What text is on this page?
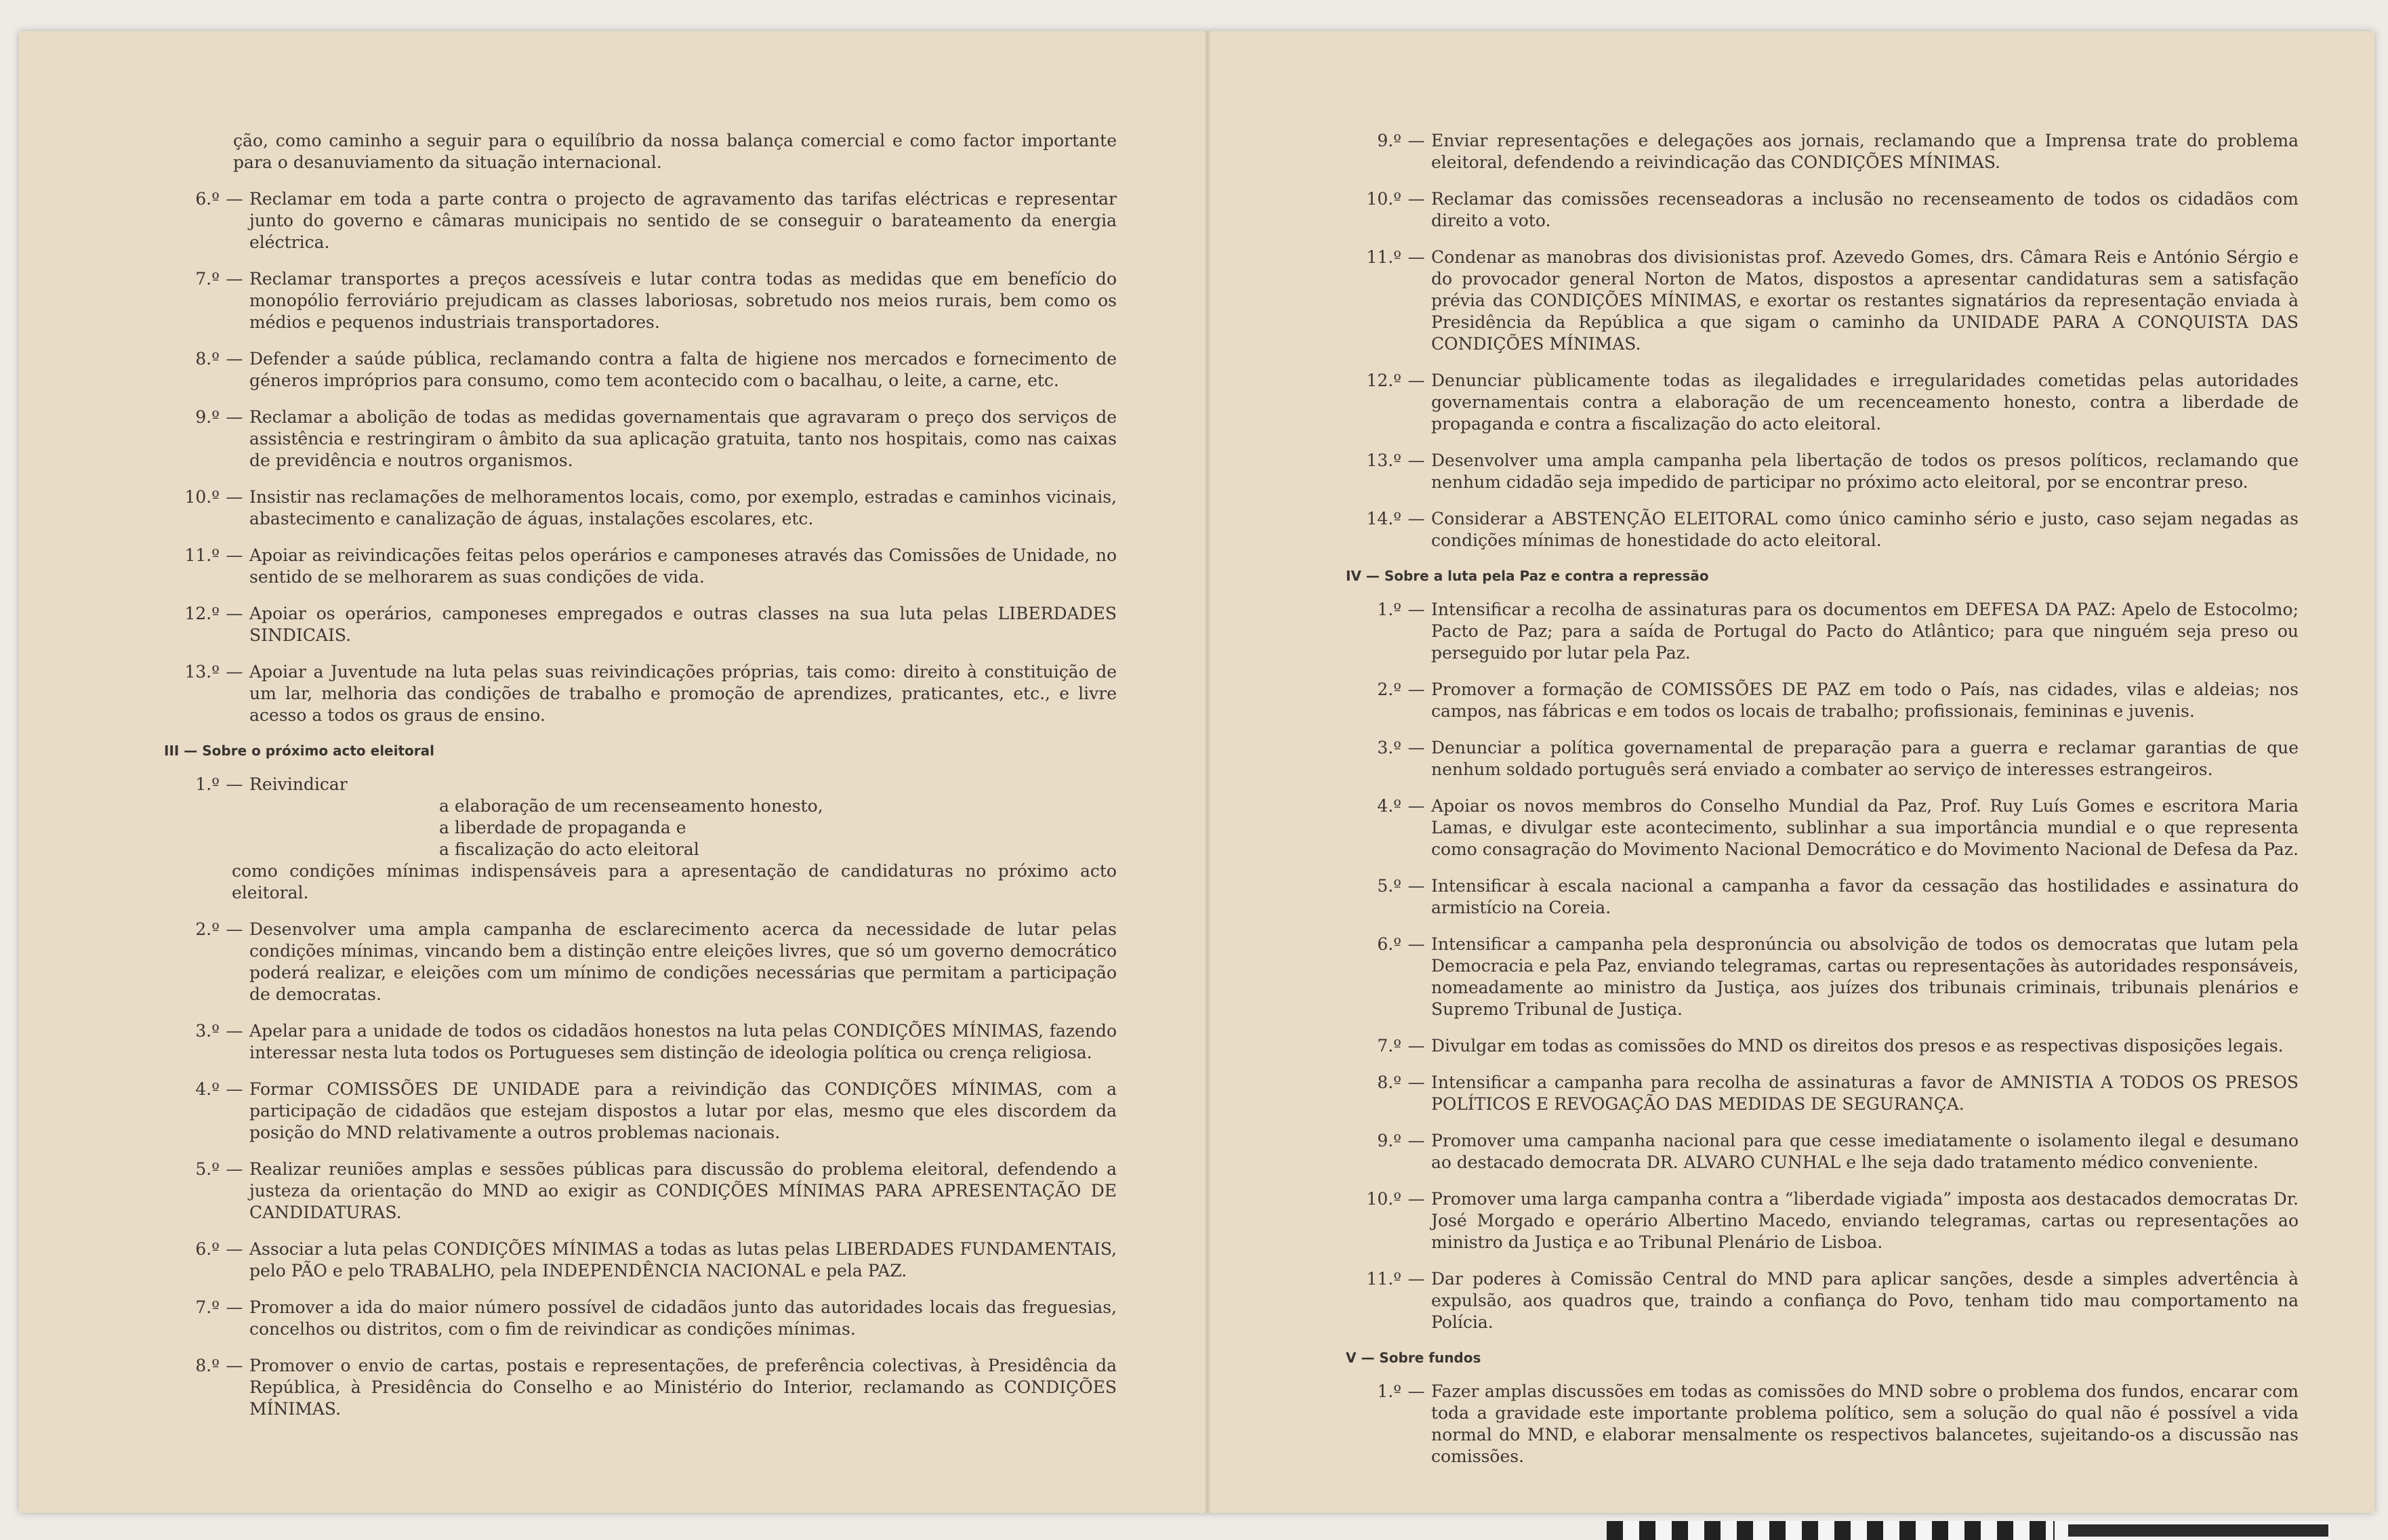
ção, como caminho a seguir para o equilíbrio da nossa balança comercial e como factor importante para o desanuviamento da situação internacional.
6.º — Reclamar em toda a parte contra o projecto de agravamento das tarifas eléctricas e representar junto do governo e câmaras municipais no sentido de se conseguir o barateamento da energia eléctrica.
7.º — Reclamar transportes a preços acessíveis e lutar contra todas as medidas que em benefício do monopólio ferroviário prejudicam as classes laboriosas, sobretudo nos meios rurais, bem como os médios e pequenos industriais transportadores.
8.º — Defender a saúde pública, reclamando contra a falta de higiene nos mercados e fornecimento de géneros impróprios para consumo, como tem acontecido com o bacalhau, o leite, a carne, etc.
9.º — Reclamar a abolição de todas as medidas governamentais que agravaram o preço dos serviços de assistência e restringiram o âmbito da sua aplicação gratuita, tanto nos hospitais, como nas caixas de previdência e noutros organismos.
10.º — Insistir nas reclamações de melhoramentos locais, como, por exemplo, estradas e caminhos vicinais, abastecimento e canalização de águas, instalações escolares, etc.
11.º — Apoiar as reivindicações feitas pelos operários e camponeses através das Comissões de Unidade, no sentido de se melhorarem as suas condições de vida.
12.º — Apoiar os operários, camponeses empregados e outras classes na sua luta pelas LIBERDADES SINDICAIS.
13.º — Apoiar a Juventude na luta pelas suas reivindicações próprias, tais como: direito à constituição de um lar, melhoria das condições de trabalho e promoção de aprendizes, praticantes, etc., e livre acesso a todos os graus de ensino.
III — Sobre o próximo acto eleitoral
1.º — Reivindicar
a elaboração de um recenseamento honesto,
a liberdade de propaganda e
a fiscalização do acto eleitoral
como condições mínimas indispensáveis para a apresentação de candidaturas no próximo acto eleitoral.
2.º — Desenvolver uma ampla campanha de esclarecimento acerca da necessidade de lutar pelas condições mínimas, vincando bem a distinção entre eleições livres, que só um governo democrático poderá realizar, e eleições com um mínimo de condições necessárias que permitam a participação de democratas.
3.º — Apelar para a unidade de todos os cidadãos honestos na luta pelas CONDIÇÕES MÍNIMAS, fazendo interessar nesta luta todos os Portugueses sem distinção de ideologia política ou crença religiosa.
4.º — Formar COMISSÕES DE UNIDADE para a reivindição das CONDIÇÕES MÍNIMAS, com a participação de cidadãos que estejam dispostos a lutar por elas, mesmo que eles discordem da posição do MND relativamente a outros problemas nacionais.
5.º — Realizar reuniões amplas e sessões públicas para discussão do problema eleitoral, defendendo a justeza da orientação do MND ao exigir as CONDIÇÕES MÍNIMAS PARA APRESENTAÇÃO DE CANDIDATURAS.
6.º — Associar a luta pelas CONDIÇÕES MÍNIMAS a todas as lutas pelas LIBERDADES FUNDAMENTAIS, pelo PÃO e pelo TRABALHO, pela INDEPENDÊNCIA NACIONAL e pela PAZ.
7.º — Promover a ida do maior número possível de cidadãos junto das autoridades locais das freguesias, concelhos ou distritos, com o fim de reivindicar as condições mínimas.
8.º — Promover o envio de cartas, postais e representações, de preferência colectivas, à Presidência da República, à Presidência do Conselho e ao Ministério do Interior, reclamando as CONDIÇÕES MÍNIMAS.
9.º — Enviar representações e delegações aos jornais, reclamando que a Imprensa trate do problema eleitoral, defendendo a reivindicação das CONDIÇÕES MÍNIMAS.
10.º — Reclamar das comissões recenseadoras a inclusão no recenseamento de todos os cidadãos com direito a voto.
11.º — Condenar as manobras dos divisionistas prof. Azevedo Gomes, drs. Câmara Reis e António Sérgio e do provocador general Norton de Matos, dispostos a apresentar candidaturas sem a satisfação prévia das CONDIÇÕES MÍNIMAS, e exortar os restantes signatários da representação enviada à Presidência da República a que sigam o caminho da UNIDADE PARA A CONQUISTA DAS CONDIÇÕES MÍNIMAS.
12.º — Denunciar pùblicamente todas as ilegalidades e irregularidades cometidas pelas autoridades governamentais contra a elaboração de um recenceamento honesto, contra a liberdade de propaganda e contra a fiscalização do acto eleitoral.
13.º — Desenvolver uma ampla campanha pela libertação de todos os presos políticos, reclamando que nenhum cidadão seja impedido de participar no próximo acto eleitoral, por se encontrar preso.
14.º — Considerar a ABSTENÇÃO ELEITORAL como único caminho sério e justo, caso sejam negadas as condições mínimas de honestidade do acto eleitoral.
IV — Sobre a luta pela Paz e contra a repressão
1.º — Intensificar a recolha de assinaturas para os documentos em DEFESA DA PAZ: Apelo de Estocolmo; Pacto de Paz; para a saída de Portugal do Pacto do Atlântico; para que ninguém seja preso ou perseguido por lutar pela Paz.
2.º — Promover a formação de COMISSÕES DE PAZ em todo o País, nas cidades, vilas e aldeias; nos campos, nas fábricas e em todos os locais de trabalho; profissionais, femininas e juvenis.
3.º — Denunciar a política governamental de preparação para a guerra e reclamar garantias de que nenhum soldado português será enviado a combater ao serviço de interesses estrangeiros.
4.º — Apoiar os novos membros do Conselho Mundial da Paz, Prof. Ruy Luís Gomes e escritora Maria Lamas, e divulgar este acontecimento, sublinhar a sua importância mundial e o que representa como consagração do Movimento Nacional Democrático e do Movimento Nacional de Defesa da Paz.
5.º — Intensificar à escala nacional a campanha a favor da cessação das hostilidades e assinatura do armistício na Coreia.
6.º — Intensificar a campanha pela despronúncia ou absolvição de todos os democratas que lutam pela Democracia e pela Paz, enviando telegramas, cartas ou representações às autoridades responsáveis, nomeadamente ao ministro da Justiça, aos juízes dos tribunais criminais, tribunais plenários e Supremo Tribunal de Justiça.
7.º — Divulgar em todas as comissões do MND os direitos dos presos e as respectivas disposições legais.
8.º — Intensificar a campanha para recolha de assinaturas a favor de AMNISTIA A TODOS OS PRESOS POLÍTICOS E REVOGAÇÃO DAS MEDIDAS DE SEGURANÇA.
9.º — Promover uma campanha nacional para que cesse imediatamente o isolamento ilegal e desumano ao destacado democrata DR. ALVARO CUNHAL e lhe seja dado tratamento médico conveniente.
10.º — Promover uma larga campanha contra a “liberdade vigiada” imposta aos destacados democratas Dr. José Morgado e operário Albertino Macedo, enviando telegramas, cartas ou representações ao ministro da Justiça e ao Tribunal Plenário de Lisboa.
11.º — Dar poderes à Comissão Central do MND para aplicar sanções, desde a simples advertência à expulsão, aos quadros que, traindo a confiança do Povo, tenham tido mau comportamento na Polícia.
V — Sobre fundos
1.º — Fazer amplas discussões em todas as comissões do MND sobre o problema dos fundos, encarar com toda a gravidade este importante problema político, sem a solução do qual não é possível a vida normal do MND, e elaborar mensalmente os respectivos balancetes, sujeitando-os a discussão nas comissões.
